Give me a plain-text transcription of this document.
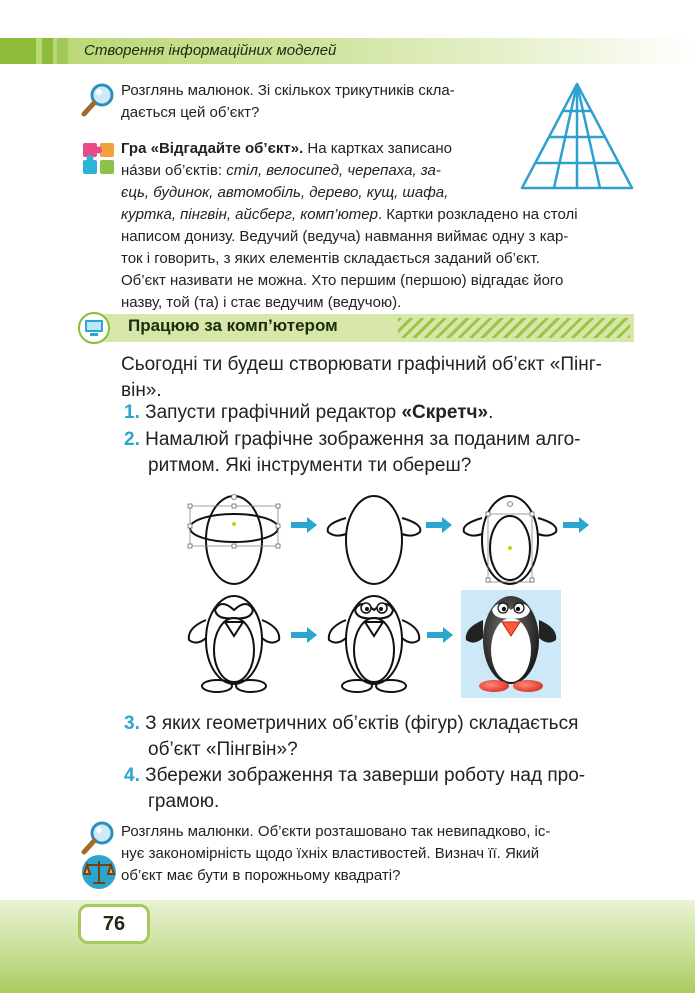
Створення інформаційних моделей
Розглянь малюнок. Зі скількох трикутників скла-
дається цей об’єкт?
Гра «Відгадайте об’єкт». На картках записано
на́зви об’єктів: стіл, велосипед, черепаха, за-
єць, будинок, автомобіль, дерево, кущ, шафа,
куртка, пінгвін, айсберг, комп’ютер. Картки розкладено на столі
написом донизу. Ведучий (ведуча) навмання виймає одну з кар-
ток і говорить, з яких елементів складається заданий об’єкт.
Об’єкт називати не можна. Хто першим (першою) відгадає його
назву, той (та) і стає ведучим (ведучою).
Працюю за комп’ютером
Сьогодні ти будеш створювати графічний об’єкт «Пінг-
він».
1. Запусти графічний редактор «Скретч».
2. Намалюй графічне зображення за поданим алго-
ритмом. Які інструменти ти обереш?
3. З яких геометричних об’єктів (фігур) складається
об’єкт «Пінгвін»?
4. Збережи зображення та заверши роботу над про-
грамою.
Розглянь малюнки. Об’єкти розташовано так невипадково, іс-
нує закономірність щодо їхніх властивостей. Визнач її. Який
об’єкт має бути в порожньому квадраті?
76
